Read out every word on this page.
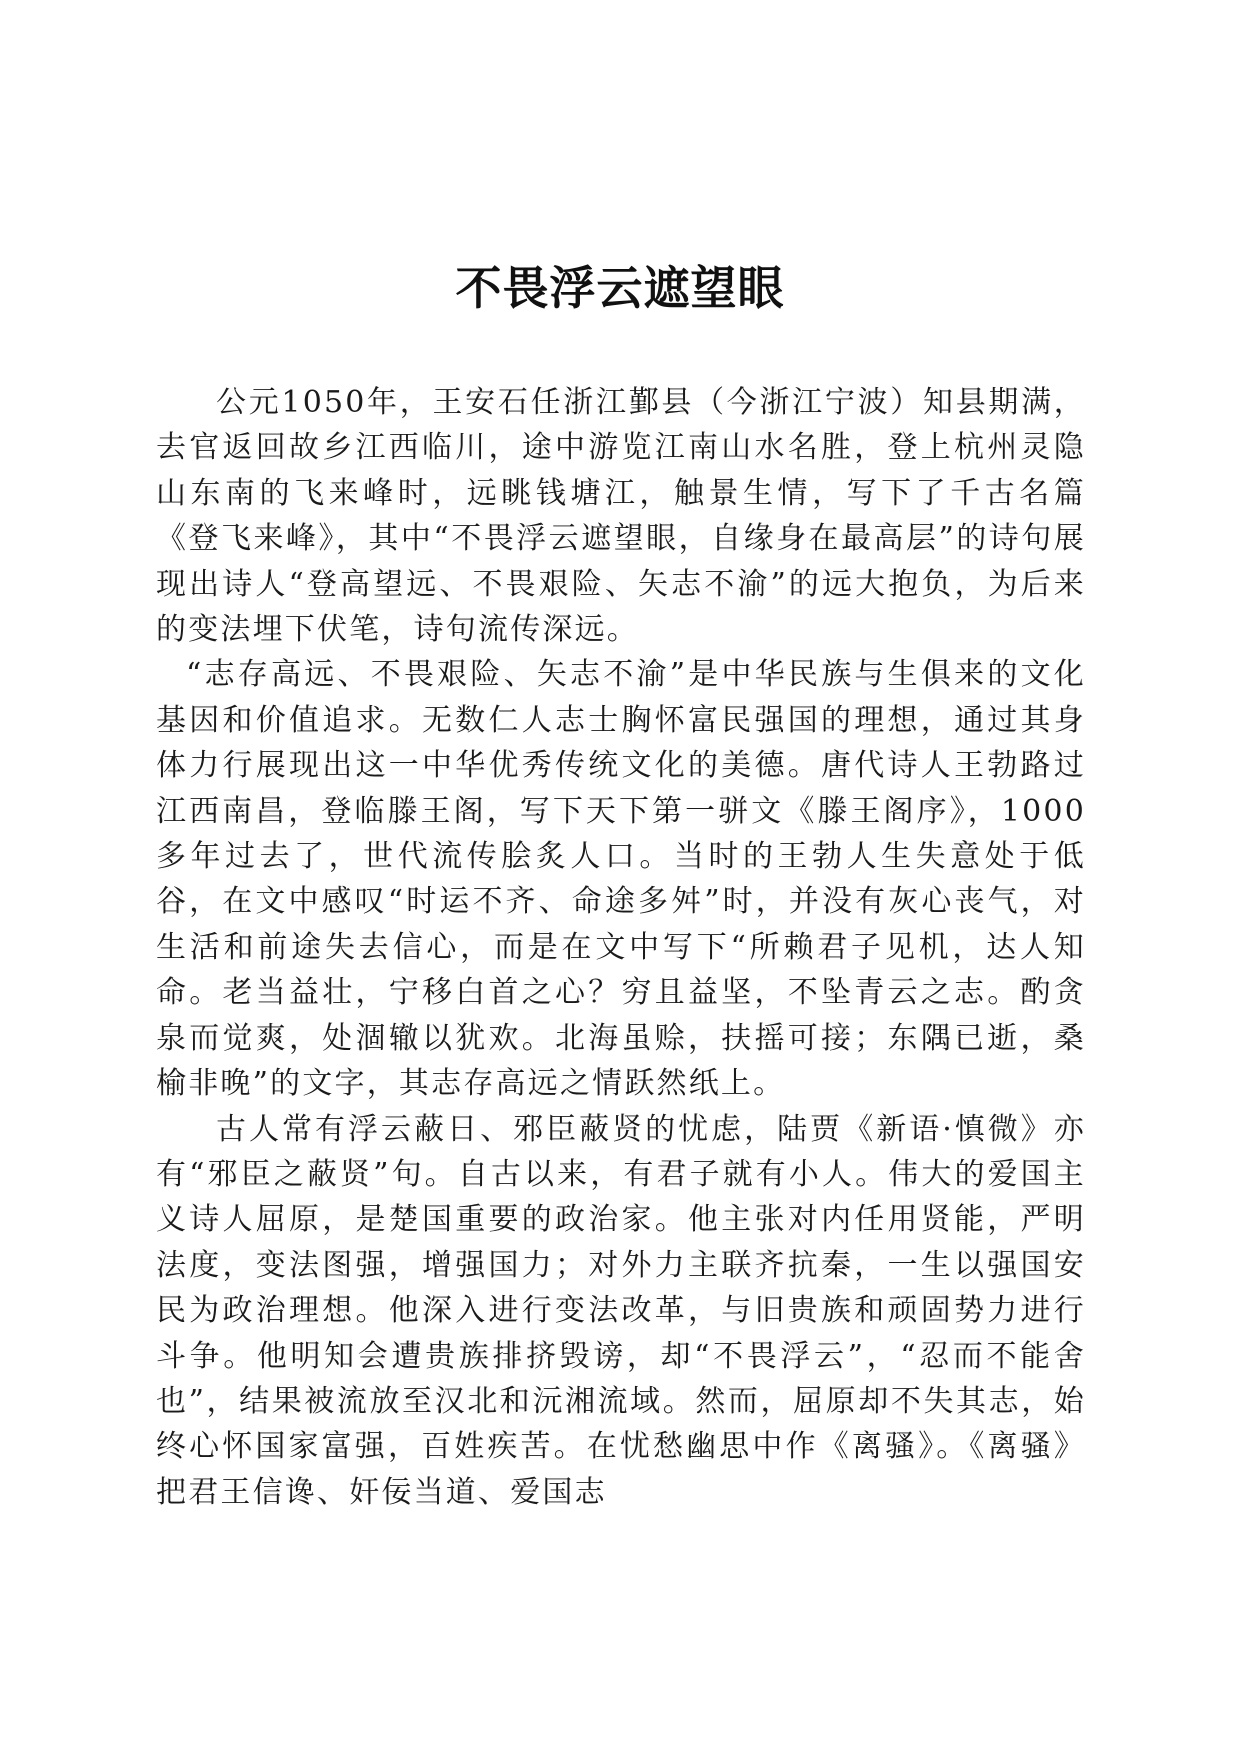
不畏浮云遮望眼

公元1050年，王安石任浙江鄞县（今浙江宁波）知县期满，去官返回故乡江西临川，途中游览江南山水名胜，登上杭州灵隐山东南的飞来峰时，远眺钱塘江，触景生情，写下了千古名篇《登飞来峰》，其中“不畏浮云遮望眼，自缘身在最高层”的诗句展现出诗人“登高望远、不畏艰险、矢志不渝”的远大抱负，为后来的变法埋下伏笔，诗句流传深远。

“志存高远、不畏艰险、矢志不渝”是中华民族与生俱来的文化基因和价值追求。无数仁人志士胸怀富民强国的理想，通过其身体力行展现出这一中华优秀传统文化的美德。唐代诗人王勃路过江西南昌，登临滕王阁，写下天下第一骈文《滕王阁序》，1000多年过去了，世代流传脍炙人口。当时的王勃人生失意处于低谷，在文中感叹“时运不齐、命途多舛”时，并没有灰心丧气，对生活和前途失去信心，而是在文中写下“所赖君子见机，达人知命。老当益壮，宁移白首之心？穷且益坚，不坠青云之志。酌贪泉而觉爽，处涸辙以犹欢。北海虽赊，扶摇可接；东隅已逝，桑榆非晚”的文字，其志存高远之情跃然纸上。

古人常有浮云蔽日、邪臣蔽贤的忧虑，陆贾《新语·慎微》亦有“邪臣之蔽贤”句。自古以来，有君子就有小人。伟大的爱国主义诗人屈原，是楚国重要的政治家。他主张对内任用贤能，严明法度，变法图强，增强国力；对外力主联齐抗秦，一生以强国安民为政治理想。他深入进行变法改革，与旧贵族和顽固势力进行斗争。他明知会遭贵族排挤毁谤，却“不畏浮云”，“忍而不能舍也”，结果被流放至汉北和沅湘流域。然而，屈原却不失其志，始终心怀国家富强，百姓疾苦。在忧愁幽思中作《离骚》。《离骚》把君王信谗、奸佞当道、爱国志
